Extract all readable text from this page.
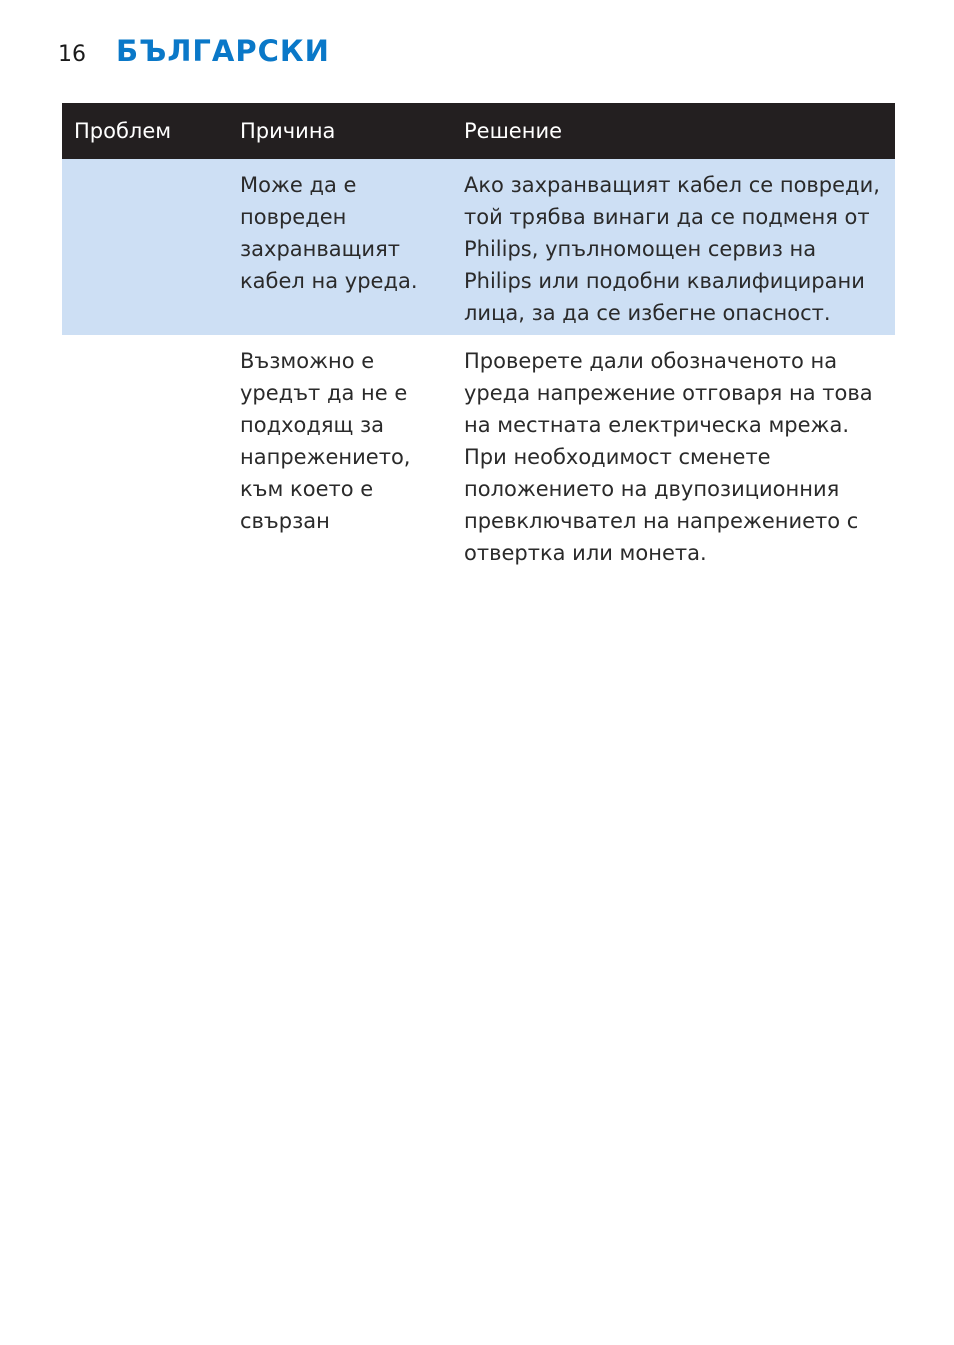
16 БЪЛГАРСКИ
Проблем	Причина	Решение
	Може да е повреден захранващият кабел на уреда.	Ако захранващият кабел се повреди, той трябва винаги да се подменя от Philips, упълномощен сервиз на Philips или подобни квалифицирани лица, за да се избегне опасност.
	Възможно е уредът да не е подходящ за напрежението, към което е свързан	Проверете дали обозначеното на уреда напрежение отговаря на това на местната електрическа мрежа. При необходимост сменете положението на двупозиционния превключвател на напрежението с отвертка или монета.
